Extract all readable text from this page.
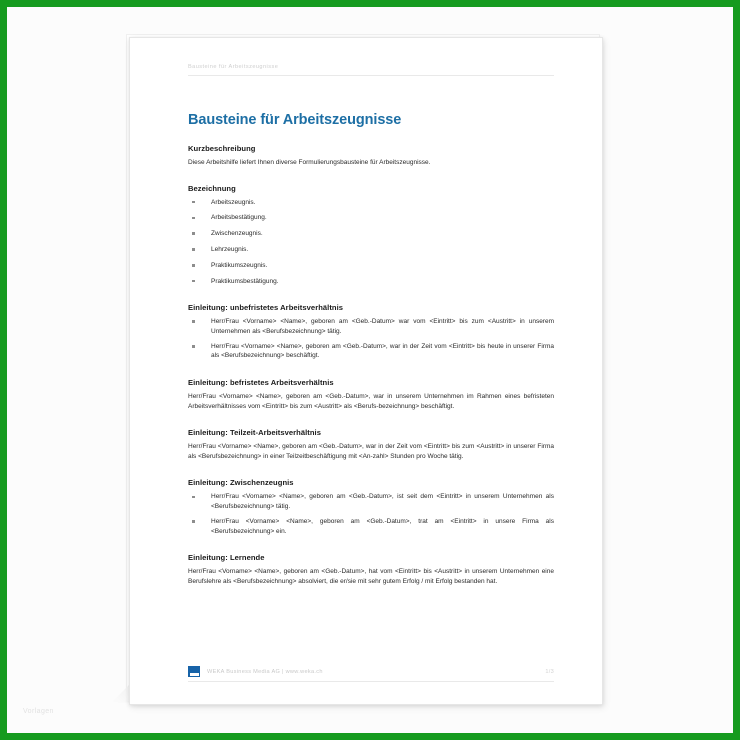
Vorlagen
Bausteine für Arbeitszeugnisse
Bausteine für Arbeitszeugnisse
Kurzbeschreibung

Diese Arbeitshilfe liefert Ihnen diverse Formulierungsbausteine für Arbeitszeugnisse.

Bezeichnung
Arbeitszeugnis.
Arbeitsbestätigung.
Zwischenzeugnis.
Lehrzeugnis.
Praktikumszeugnis.
Praktikumsbestätigung.
Einleitung: unbefristetes Arbeitsverhältnis
Herr/Frau <Vorname> <Name>, geboren am <Geb.-Datum> war vom <Eintritt> bis zum <Austritt> in unserem Unternehmen als <Berufsbezeichnung> tätig.
Herr/Frau <Vorname> <Name>, geboren am <Geb.-Datum>, war in der Zeit vom <Eintritt> bis heute in unserer Firma als <Berufsbezeichnung> beschäftigt.
Einleitung: befristetes Arbeitsverhältnis

Herr/Frau <Vorname> <Name>, geboren am <Geb.-Datum>, war in unserem Unternehmen im Rahmen eines befristeten Arbeitsverhältnisses vom <Eintritt> bis zum <Austritt> als <Berufs-bezeichnung> beschäftigt.

Einleitung: Teilzeit-Arbeitsverhältnis

Herr/Frau <Vorname> <Name>, geboren am <Geb.-Datum>, war in der Zeit vom <Eintritt> bis zum <Austritt> in unserer Firma als <Berufsbezeichnung> in einer Teilzeitbeschäftigung mit <An-zahl> Stunden pro Woche tätig.

Einleitung: Zwischenzeugnis
Herr/Frau <Vorname> <Name>, geboren am <Geb.-Datum>, ist seit dem <Eintritt> in unserem Unternehmen als <Berufsbezeichnung> tätig.
Herr/Frau <Vorname> <Name>, geboren am <Geb.-Datum>, trat am <Eintritt> in unsere Firma als <Berufsbezeichnung> ein.
Einleitung: Lernende

Herr/Frau <Vorname> <Name>, geboren am <Geb.-Datum>, hat vom <Eintritt> bis <Austritt> in unserem Unternehmen eine Berufslehre als <Berufsbezeichnung> absolviert, die er/sie mit sehr gutem Erfolg / mit Erfolg bestanden hat.

WEKA Business Media AG | www.weka.ch	1/3
